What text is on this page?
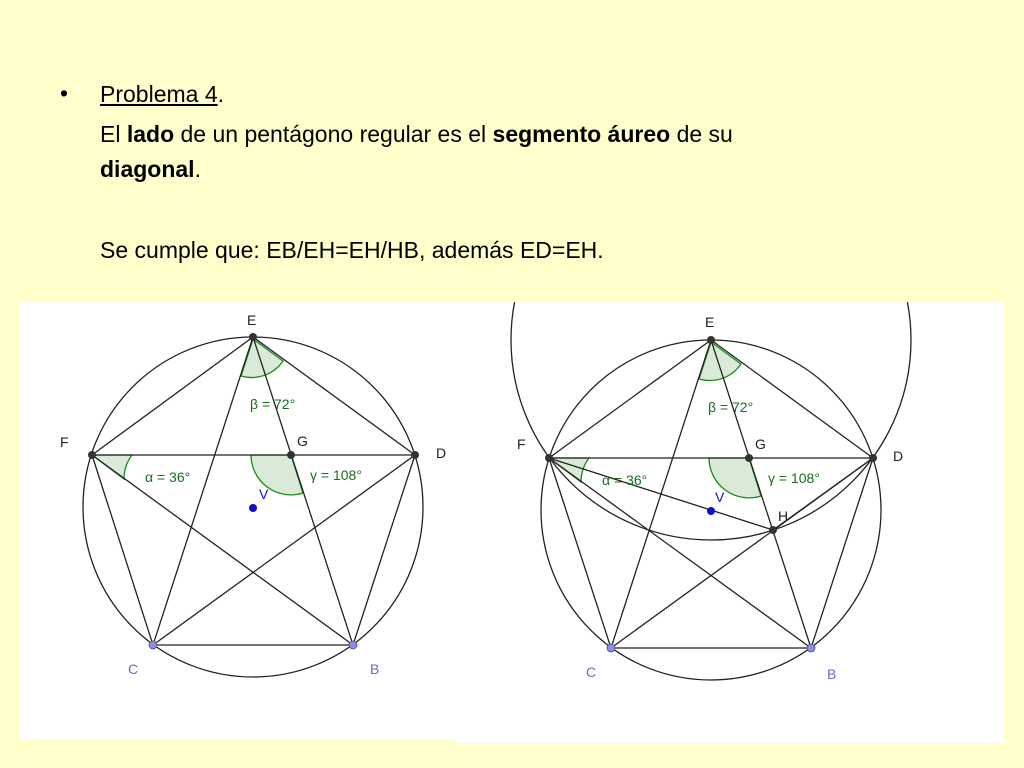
• Problema 4.
El lado de un pentágono regular es el segmento áureo de su
diagonal.
Se cumple que: EB/EH=EH/HB, además ED=EH.
E
F
D
G
C	B
V
β = 72°
α = 36°	γ = 108°
E
F
D
G
H
C	B
V
β = 72°
α = 36°	γ = 108°
